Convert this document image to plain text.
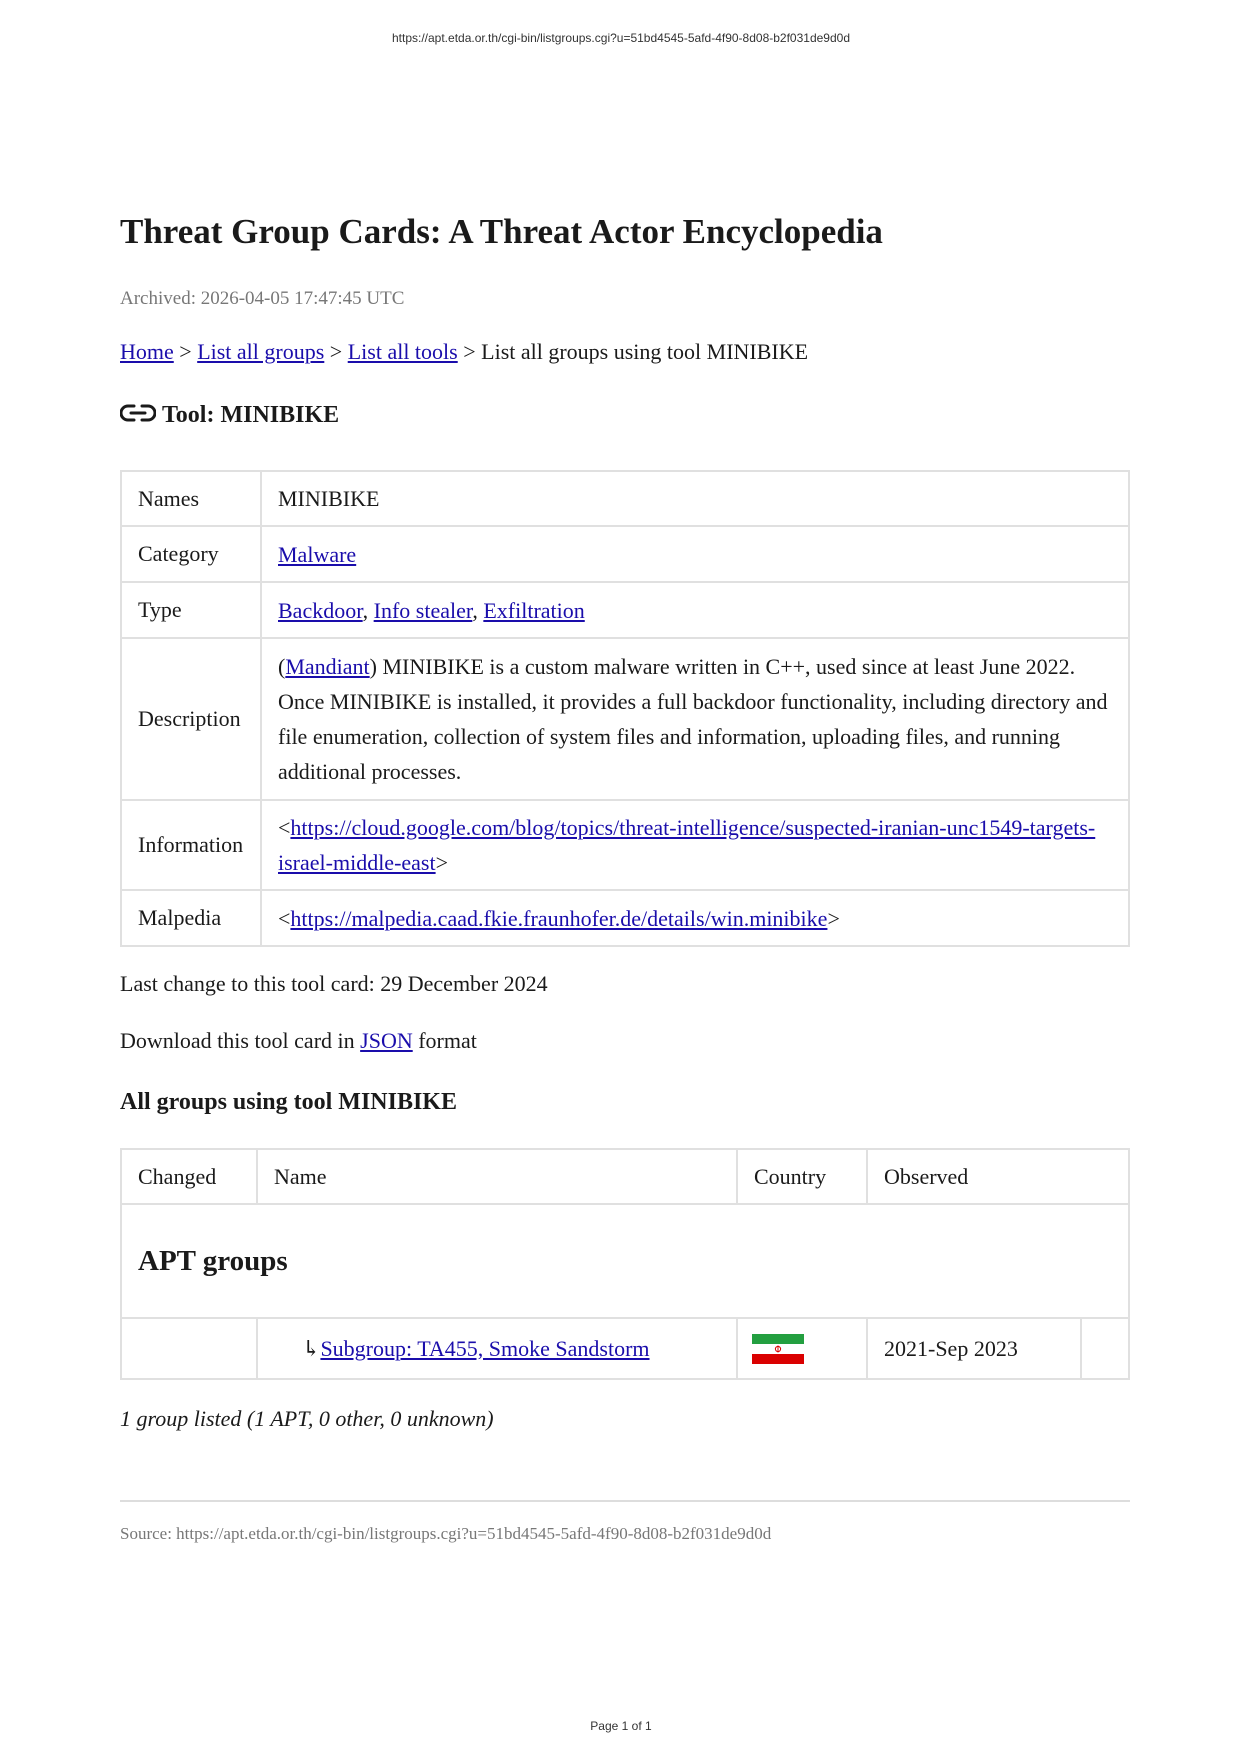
https://apt.etda.or.th/cgi-bin/listgroups.cgi?u=51bd4545-5afd-4f90-8d08-b2f031de9d0d
Threat Group Cards: A Threat Actor Encyclopedia
Archived: 2026-04-05 17:47:45 UTC
Home > List all groups > List all tools > List all groups using tool MINIBIKE
Tool: MINIBIKE
Names	MINIBIKE
Category	Malware
Type	Backdoor, Info stealer, Exfiltration
Description	(Mandiant) MINIBIKE is a custom malware written in C++, used since at least June 2022. Once MINIBIKE is installed, it provides a full backdoor functionality, including directory and file enumeration, collection of system files and information, uploading files, and running additional processes.
Information	<https://cloud.google.com/blog/topics/threat-intelligence/suspected-iranian-unc1549-targets-israel-middle-east>
Malpedia	<https://malpedia.caad.fkie.fraunhofer.de/details/win.minibike>
Last change to this tool card: 29 December 2024
Download this tool card in JSON format
All groups using tool MINIBIKE
Changed	Name	Country	Observed	
APT groups				
	↳Subgroup: TA455, Smoke Sandstorm		2021-Sep 2023	
1 group listed (1 APT, 0 other, 0 unknown)
Source: https://apt.etda.or.th/cgi-bin/listgroups.cgi?u=51bd4545-5afd-4f90-8d08-b2f031de9d0d
Page 1 of 1
